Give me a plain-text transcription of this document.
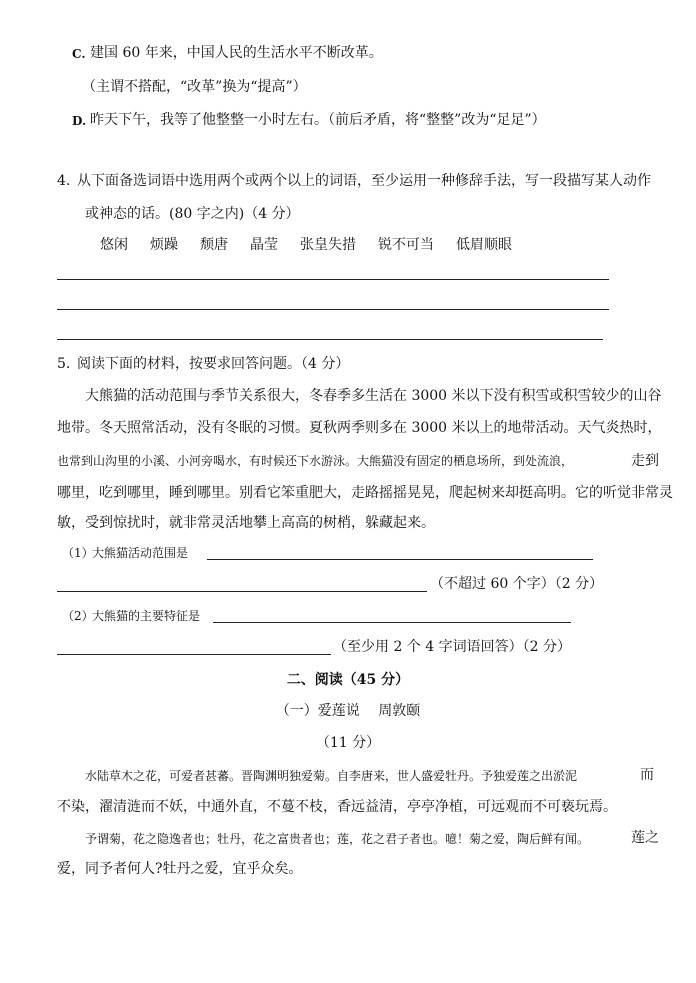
C. 建国 60 年来，中国人民的生活水平不断改革。
（主谓不搭配，“改革”换为“提高”）
D. 昨天下午，我等了他整整一小时左右。（前后矛盾，将“整整”改为“足足”）
4. 从下面备选词语中选用两个或两个以上的词语，至少运用一种修辞手法，写一段描写某人动作
或神态的话。(80 字之内)（4 分）
悠闲 烦躁 颓唐 晶莹 张皇失措 锐不可当 低眉顺眼
5. 阅读下面的材料，按要求回答问题。（4 分）
大熊猫的活动范围与季节关系很大，冬春季多生活在 3000 米以下没有积雪或积雪较少的山谷
地带。冬天照常活动，没有冬眠的习惯。夏秋两季则多在 3000 米以上的地带活动。天气炎热时，
也常到山沟里的小溪、小河旁喝水，有时候还下水游泳。大熊猫没有固定的栖息场所，到处流浪，	走到
哪里，吃到哪里，睡到哪里。别看它笨重肥大，走路摇摇晃晃，爬起树来却挺高明。它的听觉非常灵
敏，受到惊扰时，就非常灵活地攀上高高的树梢，躲藏起来。
（1）
大熊猫活动范围是
（不超过 60 个字）（2 分）
（2）
大熊猫的主要特征是
（至少用 2 个 4 字词语回答）（2 分）
二、阅读（45 分）
（一）爱莲说　 周敦颐
（11 分）
水陆草木之花，可爱者甚蕃。晋陶渊明独爱菊。自李唐来，世人盛爱牡丹。予独爱莲之出淤泥	而
不染，濯清涟而不妖，中通外直，不蔓不枝，香远益清，亭亭净植，可远观而不可亵玩焉。
予谓菊，花之隐逸者也；牡丹，花之富贵者也；莲，花之君子者也。噫！菊之爱，陶后鲜有闻。	莲之
爱，同予者何人?牡丹之爱，宜乎众矣。
